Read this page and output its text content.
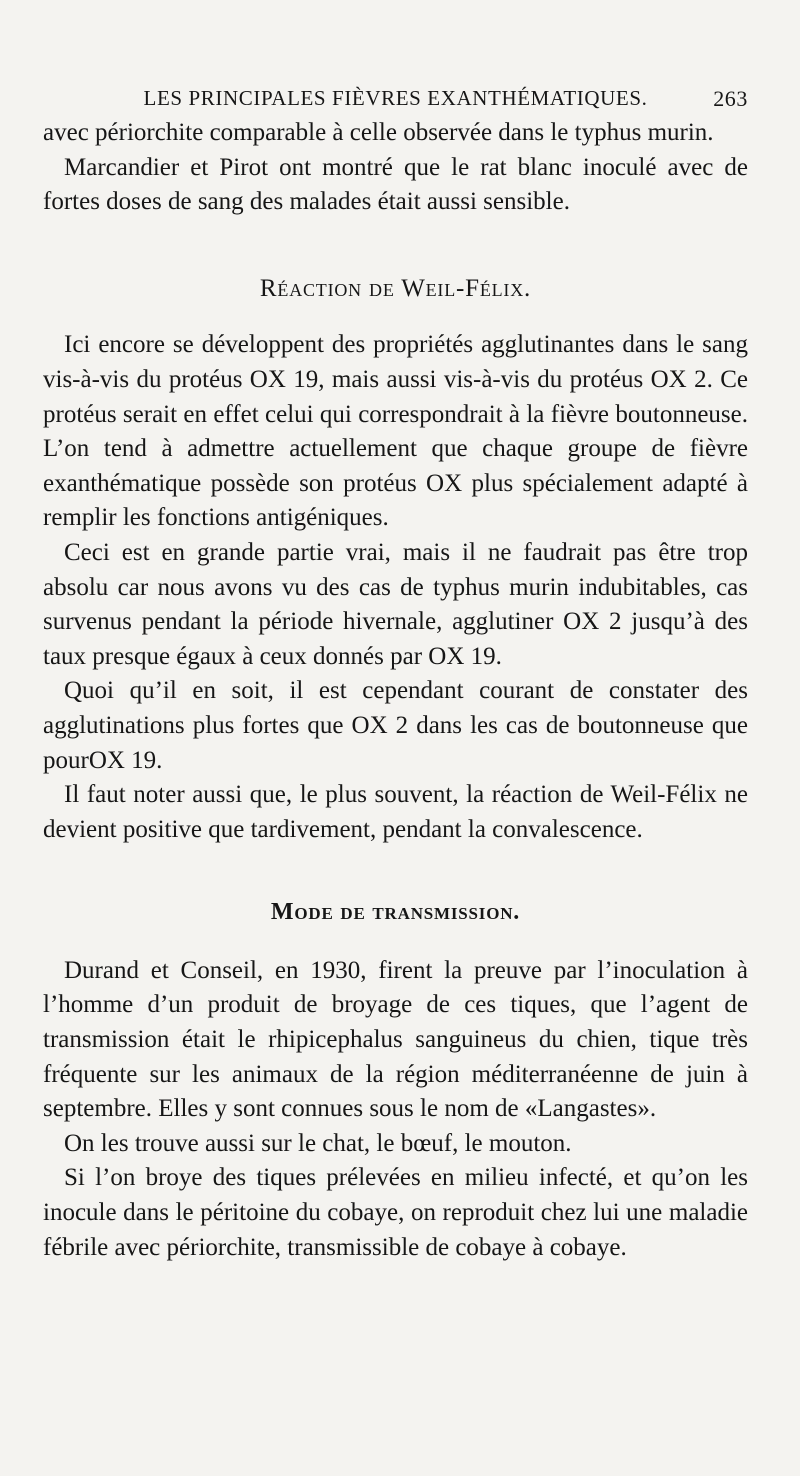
LES PRINCIPALES FIÈVRES EXANTHÉMATIQUES.	263

avec périorchite comparable à celle observée dans le typhus murin.

Marcandier et Pirot ont montré que le rat blanc inoculé avec de fortes doses de sang des malades était aussi sensible.

Réaction de Weil-Félix.

Ici encore se développent des propriétés agglutinantes dans le sang vis-à-vis du protéus OX 19, mais aussi vis-à-vis du protéus OX 2. Ce protéus serait en effet celui qui correspondrait à la fièvre boutonneuse. L’on tend à admettre actuellement que chaque groupe de fièvre exanthématique possède son protéus OX plus spécialement adapté à remplir les fonctions antigéniques.

Ceci est en grande partie vrai, mais il ne faudrait pas être trop absolu car nous avons vu des cas de typhus murin indubitables, cas survenus pendant la période hivernale, agglutiner OX 2 jusqu’à des taux presque égaux à ceux donnés par OX 19.

Quoi qu’il en soit, il est cependant courant de constater des agglutinations plus fortes que OX 2 dans les cas de boutonneuse que pourOX 19.

Il faut noter aussi que, le plus souvent, la réaction de Weil-Félix ne devient positive que tardivement, pendant la convalescence.

Mode de transmission.

Durand et Conseil, en 1930, firent la preuve par l’inoculation à l’homme d’un produit de broyage de ces tiques, que l’agent de transmission était le rhipicephalus sanguineus du chien, tique très fréquente sur les animaux de la région méditerranéenne de juin à septembre. Elles y sont connues sous le nom de «Langastes».

On les trouve aussi sur le chat, le bœuf, le mouton.

Si l’on broye des tiques prélevées en milieu infecté, et qu’on les inocule dans le péritoine du cobaye, on reproduit chez lui une maladie fébrile avec périorchite, transmissible de cobaye à cobaye.
